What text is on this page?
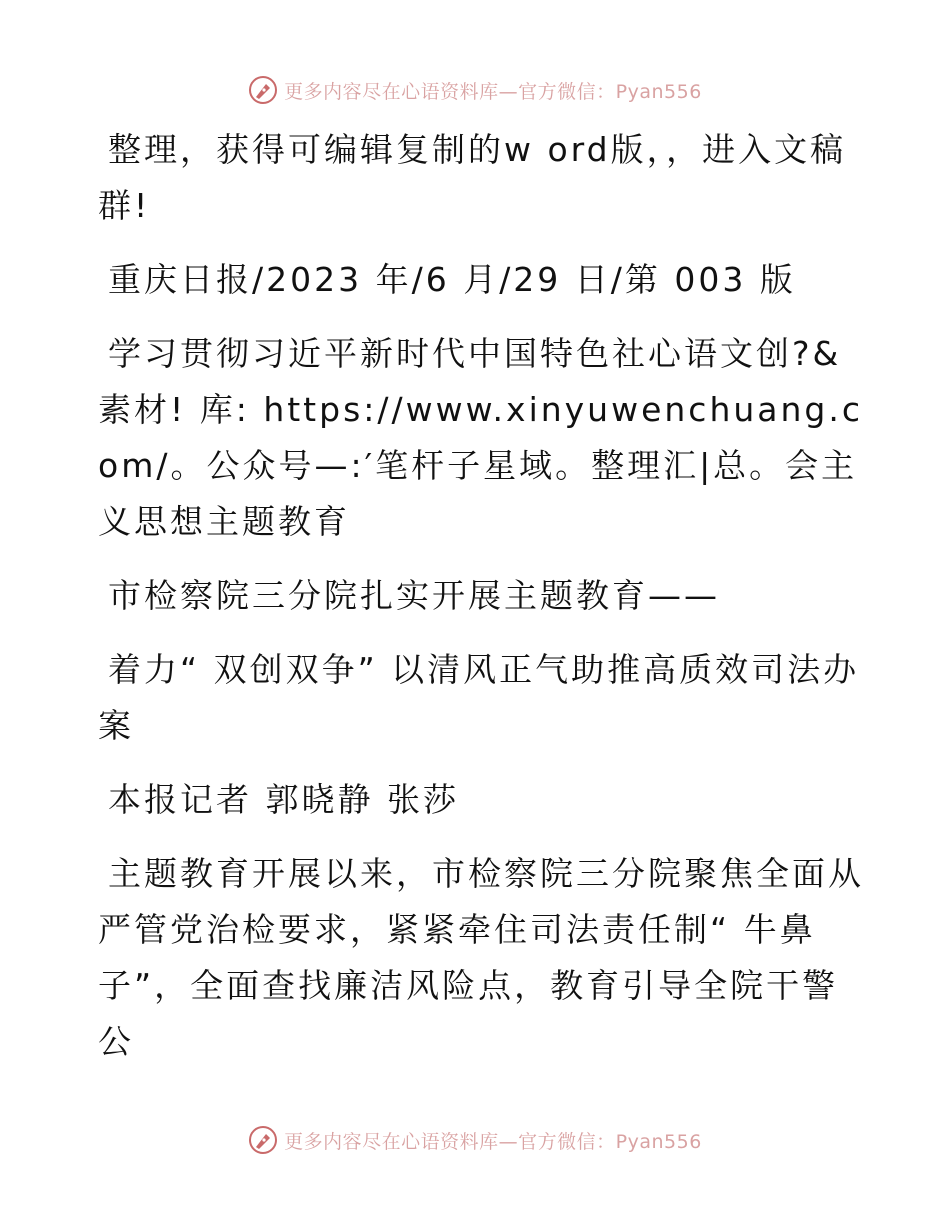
更多内容尽在心语资料库—官方微信：Pyan556

整理，获得可编辑复制的w ord版，，进入文稿群!

重庆日报/2023 年/6 月/29 日/第 003 版

学习贯彻习近平新时代中国特色社心语文创?&素材! 库: https://www.xinyuwenchuang.com/。公众号—:′笔杆子星域。整理汇|总。会主义思想主题教育

市检察院三分院扎实开展主题教育——

着力“ 双创双争” 以清风正气助推高质效司法办案

本报记者 郭晓静 张莎

主题教育开展以来，市检察院三分院聚焦全面从严管党治检要求，紧紧牵住司法责任制“ 牛鼻子”，全面查找廉洁风险点，教育引导全院干警公

更多内容尽在心语资料库—官方微信：Pyan556
